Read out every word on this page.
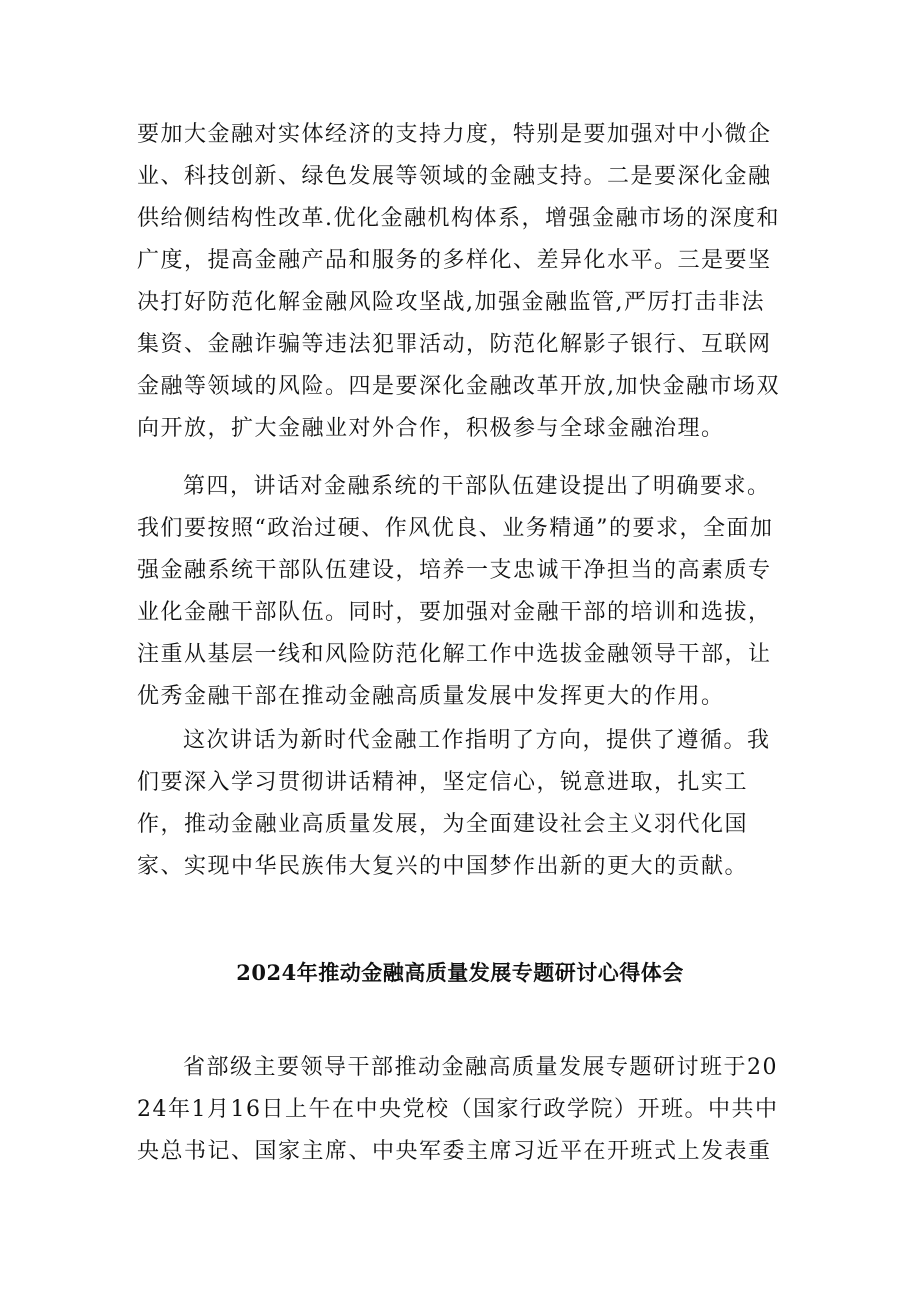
要加大金融对实体经济的支持力度，特别是要加强对中小微企业、科技创新、绿色发展等领域的金融支持。二是要深化金融供给侧结构性改革.优化金融机构体系，增强金融市场的深度和广度，提高金融产品和服务的多样化、差异化水平。三是要坚决打好防范化解金融风险攻坚战,加强金融监管,严厉打击非法集资、金融诈骗等违法犯罪活动，防范化解影子银行、互联网金融等领域的风险。四是要深化金融改革开放,加快金融市场双向开放，扩大金融业对外合作，积极参与全球金融治理。

第四，讲话对金融系统的干部队伍建设提出了明确要求。我们要按照“政治过硬、作风优良、业务精通”的要求，全面加强金融系统干部队伍建设，培养一支忠诚干净担当的高素质专业化金融干部队伍。同时，要加强对金融干部的培训和选拔，注重从基层一线和风险防范化解工作中选拔金融领导干部，让优秀金融干部在推动金融高质量发展中发挥更大的作用。

这次讲话为新时代金融工作指明了方向，提供了遵循。我们要深入学习贯彻讲话精神，坚定信心，锐意进取，扎实工作，推动金融业高质量发展，为全面建设社会主义羽代化国家、实现中华民族伟大复兴的中国梦作出新的更大的贡献。

2024年推动金融高质量发展专题研讨心得体会

省部级主要领导干部推动金融高质量发展专题研讨班于2024年1月16日上午在中央党校（国家行政学院）开班。中共中央总书记、国家主席、中央军委主席习近平在开班式上发表重
